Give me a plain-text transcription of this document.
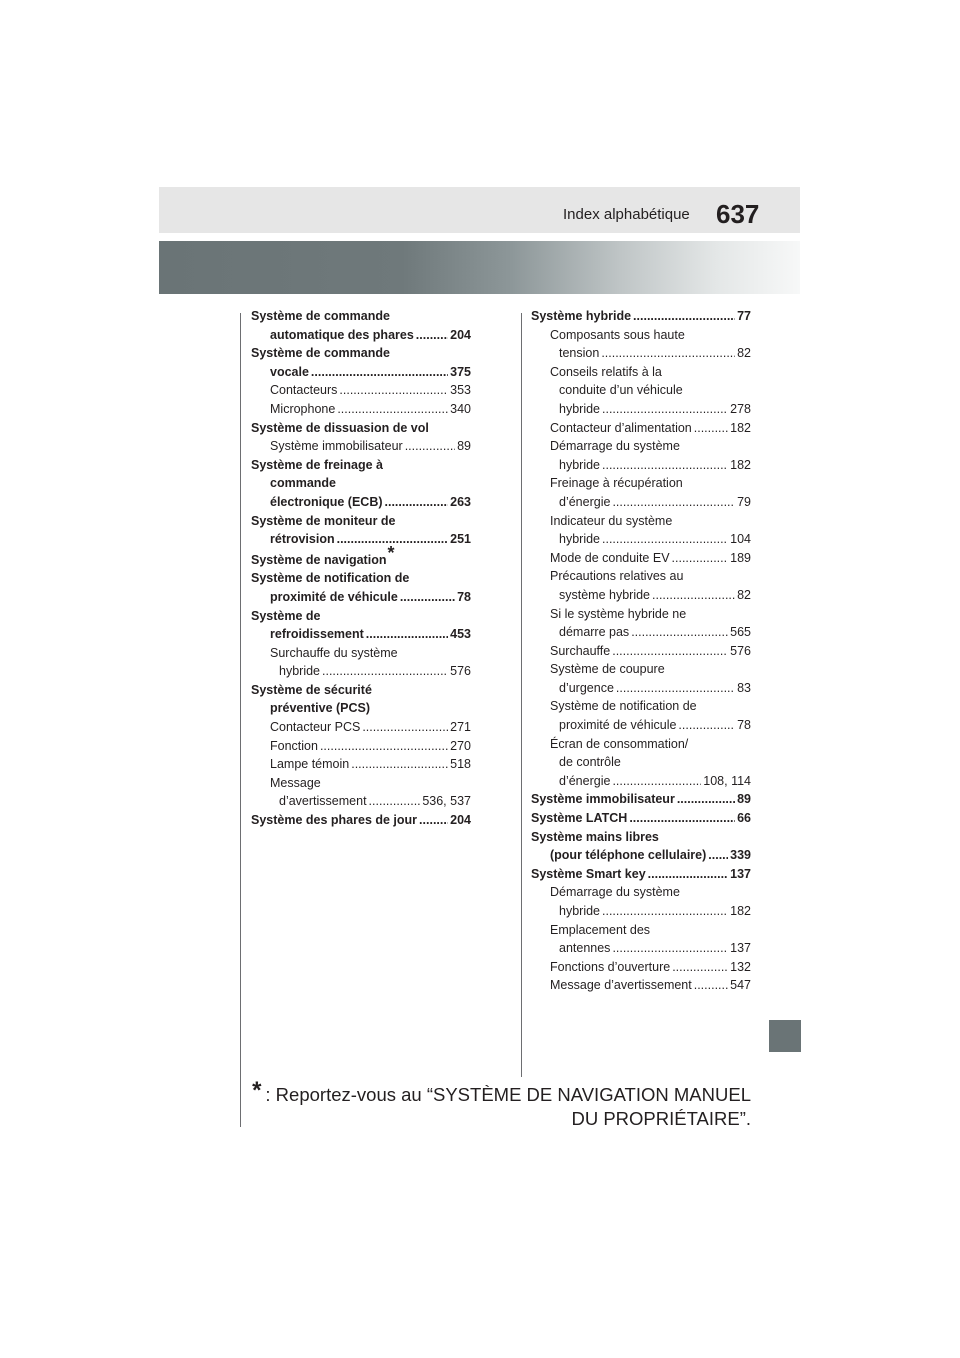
637
Index alphabétique
Système de commande
automatique des phares .....	204
Système de commande
vocale .....	375
Contacteurs .....	353
Microphone .....	340
Système de dissuasion de vol
Système immobilisateur .....	89
Système de freinage à
commande
électronique (ECB) .....	263
Système de moniteur de
rétrovision .....	251
Système de navigation *
Système de notification de
proximité de véhicule .....	78
Système de
refroidissement .....	453
Surchauffe du système
hybride .....	576
Système de sécurité
préventive (PCS)
Contacteur PCS .....	271
Fonction .....	270
Lampe témoin .....	518
Message
d’avertissement .....	536, 537
Système des phares de jour .....	204
Système hybride .....	77
Composants sous haute
tension .....	82
Conseils relatifs à la
conduite d’un véhicule
hybride .....	278
Contacteur d’alimentation .....	182
Démarrage du système
hybride .....	182
Freinage à récupération
d’énergie .....	79
Indicateur du système
hybride .....	104
Mode de conduite EV .....	189
Précautions relatives au
système hybride .....	82
Si le système hybride ne
démarre pas .....	565
Surchauffe .....	576
Système de coupure
d’urgence .....	83
Système de notification de
proximité de véhicule .....	78
Écran de consommation/
de contrôle
d’énergie .....	108, 114
Système immobilisateur .....	89
Système LATCH .....	66
Système mains libres
(pour téléphone cellulaire) ..... 339
Système Smart key .....	137
Démarrage du système
hybride .....	182
Emplacement des
antennes .....	137
Fonctions d’ouverture .....	132
Message d’avertissement .....	547
* : Reportez-vous au “SYSTÈME DE NAVIGATION MANUEL
DU PROPRIÉTAIRE”.
